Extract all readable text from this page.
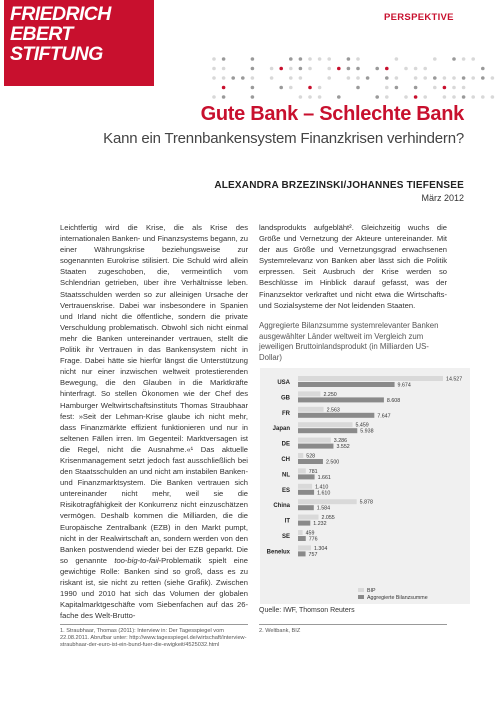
FRIEDRICH
EBERT
STIFTUNG
PERSPEKTIVE
Gute Bank – Schlechte Bank
Kann ein Trennbankensystem Finanzkrisen verhindern?
ALEXANDRA BRZEZINSKI/JOHANNES TIEFENSEE
März 2012

Leichtfertig wird die Krise, die als Krise des internationalen Banken- und Finanzsystems begann, zu einer Währungskrise beziehungsweise zur sogenannten Eurokrise stilisiert. Die Schuld wird allein Staaten zugeschoben, die, vermeintlich vom Schlendrian getrieben, über ihre Verhältnisse leben. Staatsschulden werden so zur alleinigen Ursache der Vertrauenskrise. Dabei war insbesondere in Spanien und Irland nicht die öffentliche, sondern die private Verschuldung problematisch. Obwohl sich nicht einmal mehr die Banken untereinander vertrauen, stellt die Politik ihr Vertrauen in das Bankensystem nicht in Frage. Dabei hätte sie hierfür längst die Unterstützung nicht nur einer inzwischen weltweit protestierenden Bewegung, die den Glauben in die Marktkräfte hinterfragt. So stellen Ökonomen wie der Chef des Hamburger Weltwirtschaftsinstituts Thomas Straubhaar fest: »Seit der Lehman-Krise glaube ich nicht mehr, dass Finanzmärkte effizient funktionieren und nur in seltenen Fällen irren. Im Gegenteil: Marktversagen ist die Regel, nicht die Ausnahme.«¹ Das aktuelle Krisenmanagement setzt jedoch fast ausschließlich bei den Staatsschulden an und nicht am instabilen Banken- und Finanzmarktsystem. Die Banken vertrauen sich untereinander nicht mehr, weil sie die Risikotragfähigkeit der Konkurrenz nicht einzuschätzen vermögen. Deshalb kommen die Milliarden, die die Europäische Zentralbank (EZB) in den Markt pumpt, nicht in der Realwirtschaft an, sondern werden von den Banken postwendend wieder bei der EZB geparkt. Die so genannte too-big-to-fail-Problematik spielt eine gewichtige Rolle: Banken sind so groß, dass es zu riskant ist, sie nicht zu retten (siehe Grafik). Zwischen 1990 und 2010 hat sich das Volumen der globalen Kapitalmarktgeschäfte vom Siebenfachen auf das 26-fache des Welt-Brutto-

landsprodukts aufgebläht². Gleichzeitig wuchs die Größe und Vernetzung der Akteure untereinander. Mit der aus Größe und Vernetzungsgrad erwachsenen Systemrelevanz von Banken aber lässt sich die Politik erpressen. Seit Ausbruch der Krise werden so Beschlüsse im Hinblick darauf gefasst, was der Finanzsektor verkraftet und nicht etwa die Wirtschafts- und Sozialsysteme der Not leidenden Staaten.

Aggregierte Bilanzsumme systemrelevanter Banken ausgewählter Länder weltweit im Vergleich zum jeweiligen Bruttoinlandsprodukt (in Milliarden US-Dollar)
USA
14.527
9.674
GB
2.250
8.608
FR
2.563
7.647
Japan
5.459
5.938
DE
3.286
3.552
CH
528
2.500
NL
781
1.661
ES
1.410
1.610
China
5.878
1.584
IT
2.055
1.232
SE
459
776
Benelux
1.304
757
BIP
Aggregierte Bilanzsumme
Quelle: IWF, Thomson Reuters
1. Straubhaar, Thomas (2011): Interview in: Der Tagesspiegel vom 22.08.2011. Abrufbar unter: http://www.tagesspiegel.de/wirtschaft/interview-straubhaar-der-euro-ist-ein-bund-fuer-die-ewigkeit/4525032.html
2. Weltbank, BIZ
